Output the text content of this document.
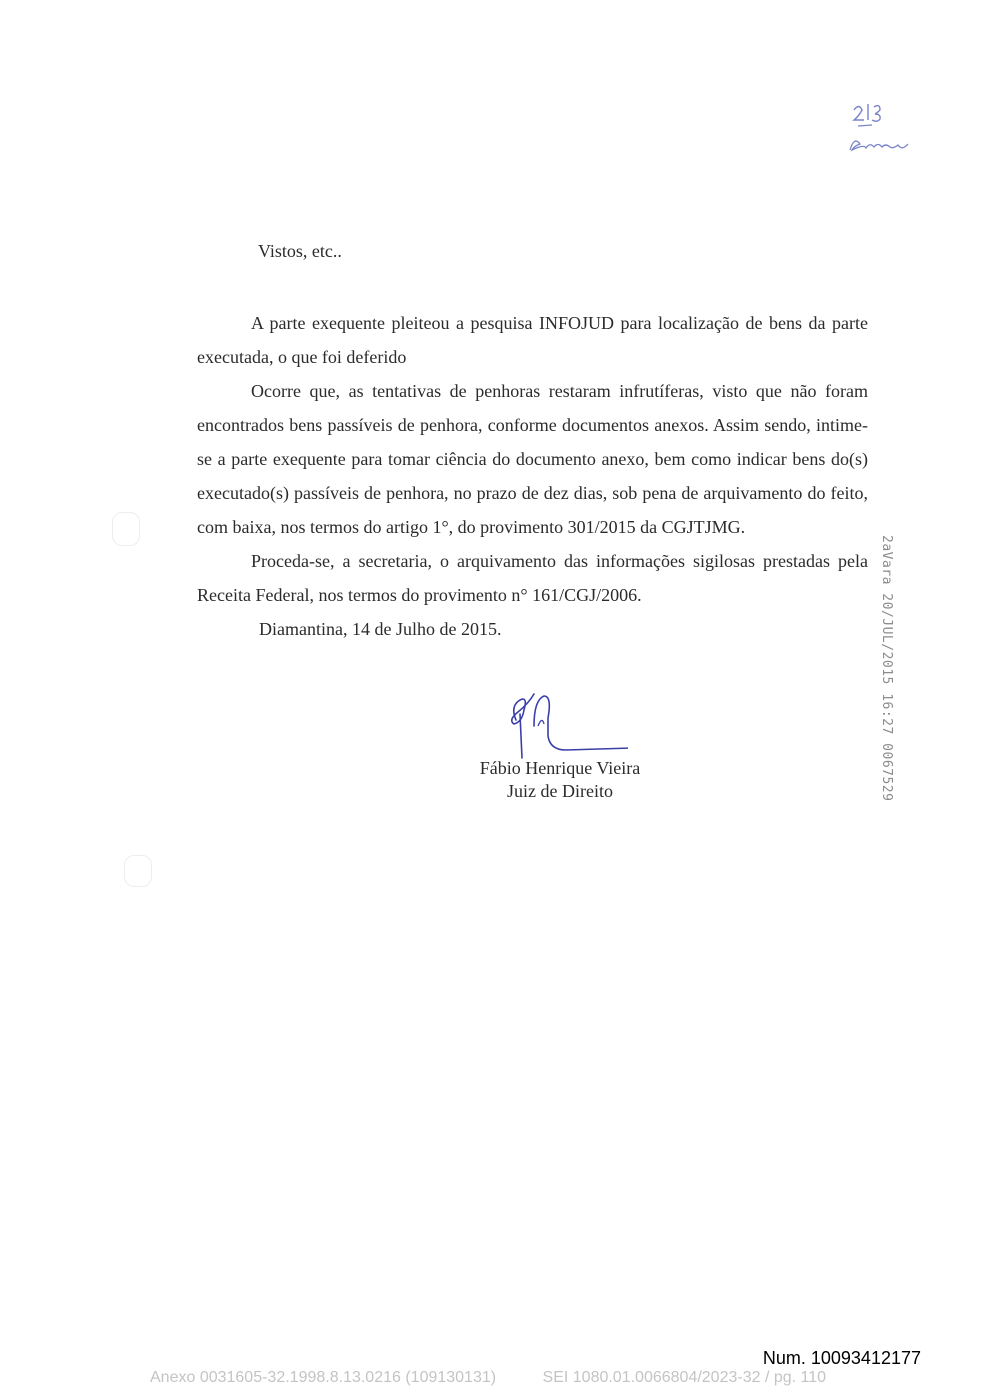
Vistos, etc..

A parte exequente pleiteou a pesquisa INFOJUD para localização de bens da parte executada, o que foi deferido

Ocorre que, as tentativas de penhoras restaram infrutíferas, visto que não foram encontrados bens passíveis de penhora, conforme documentos anexos. Assim sendo, intime-se a parte exequente para tomar ciência do documento anexo, bem como indicar bens do(s) executado(s) passíveis de penhora, no prazo de dez dias, sob pena de arquivamento do feito, com baixa, nos termos do artigo 1°, do provimento 301/2015 da CGJTJMG.

Proceda-se, a secretaria, o arquivamento das informações sigilosas prestadas pela Receita Federal, nos termos do provimento n° 161/CGJ/2006.

Diamantina, 14 de Julho de 2015.

Fábio Henrique Vieira
Juiz de Direito	2aVara 20/JUL/2015 16:27 0067529
Num. 10093412177
Anexo 0031605-32.1998.8.13.0216 (109130131)	SEI 1080.01.0066804/2023-32 / pg. 110
